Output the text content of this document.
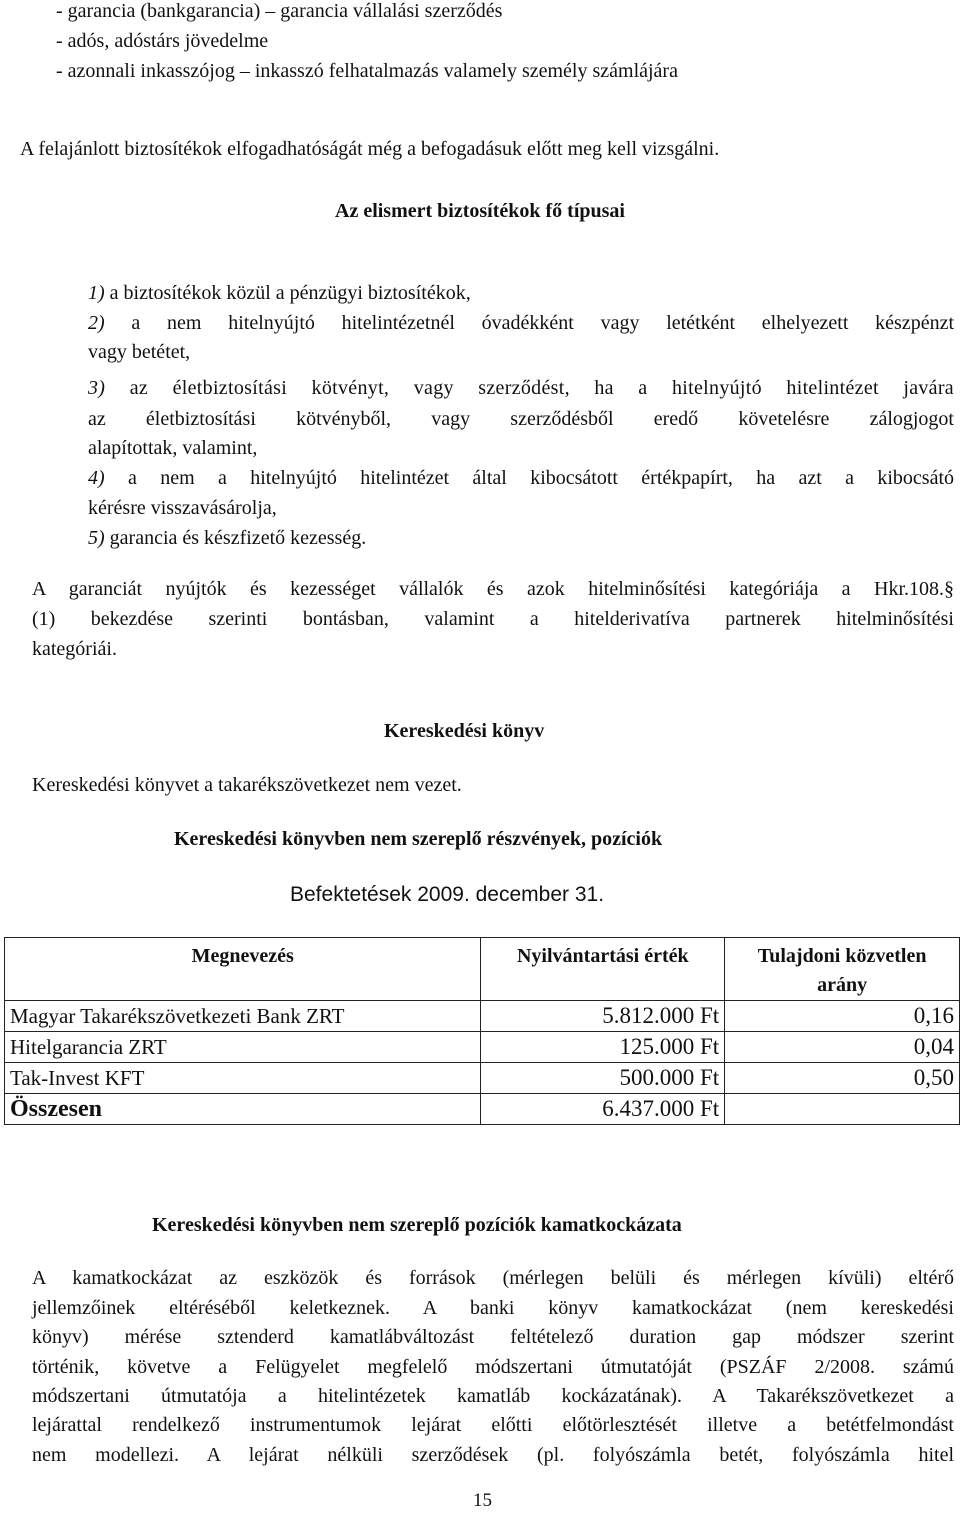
- garancia (bankgarancia) – garancia vállalási szerződés
- adós, adóstárs jövedelme
- azonnali inkasszójog – inkasszó felhatalmazás valamely személy számlájára
A felajánlott biztosítékok elfogadhatóságát még a befogadásuk előtt meg kell vizsgálni.
Az elismert biztosítékok fő típusai
1) a biztosítékok közül a pénzügyi biztosítékok,
2) a nem hitelnyújtó hitelintézetnél óvadékként vagy letétként elhelyezett készpénzt
vagy betétet,
3) az életbiztosítási kötvényt, vagy szerződést, ha a hitelnyújtó hitelintézet javára
az életbiztosítási kötvényből, vagy szerződésből eredő követelésre zálogjogot
alapítottak, valamint,
4) a nem a hitelnyújtó hitelintézet által kibocsátott értékpapírt, ha azt a kibocsátó
kérésre visszavásárolja,
5) garancia és készfizető kezesség.
A garanciát nyújtók és kezességet vállalók és azok hitelminősítési kategóriája a Hkr.108.§
(1) bekezdése szerinti bontásban, valamint a hitelderivatíva partnerek hitelminősítési
kategóriái.
Kereskedési könyv
Kereskedési könyvet a takarékszövetkezet nem vezet.
Kereskedési könyvben nem szereplő részvények, pozíciók
Befektetések 2009. december 31.
Megnevezés	Nyilvántartási érték	Tulajdoni közvetlen arány
Magyar Takarékszövetkezeti Bank ZRT	5.812.000 Ft	0,16
Hitelgarancia ZRT	125.000 Ft	0,04
Tak-Invest KFT	500.000 Ft	0,50
Összesen	6.437.000 Ft	
Kereskedési könyvben nem szereplő pozíciók kamatkockázata
A kamatkockázat az eszközök és források (mérlegen belüli és mérlegen kívüli) eltérő
jellemzőinek eltéréséből keletkeznek. A banki könyv kamatkockázat (nem kereskedési
könyv) mérése sztenderd kamatlábváltozást feltételező duration gap módszer szerint
történik, követve a Felügyelet megfelelő módszertani útmutatóját (PSZÁF 2/2008. számú
módszertani útmutatója a hitelintézetek kamatláb kockázatának). A Takarékszövetkezet a
lejárattal rendelkező instrumentumok lejárat előtti előtörlesztését illetve a betétfelmondást
nem modellezi. A lejárat nélküli szerződések (pl. folyószámla betét, folyószámla hitel
15
